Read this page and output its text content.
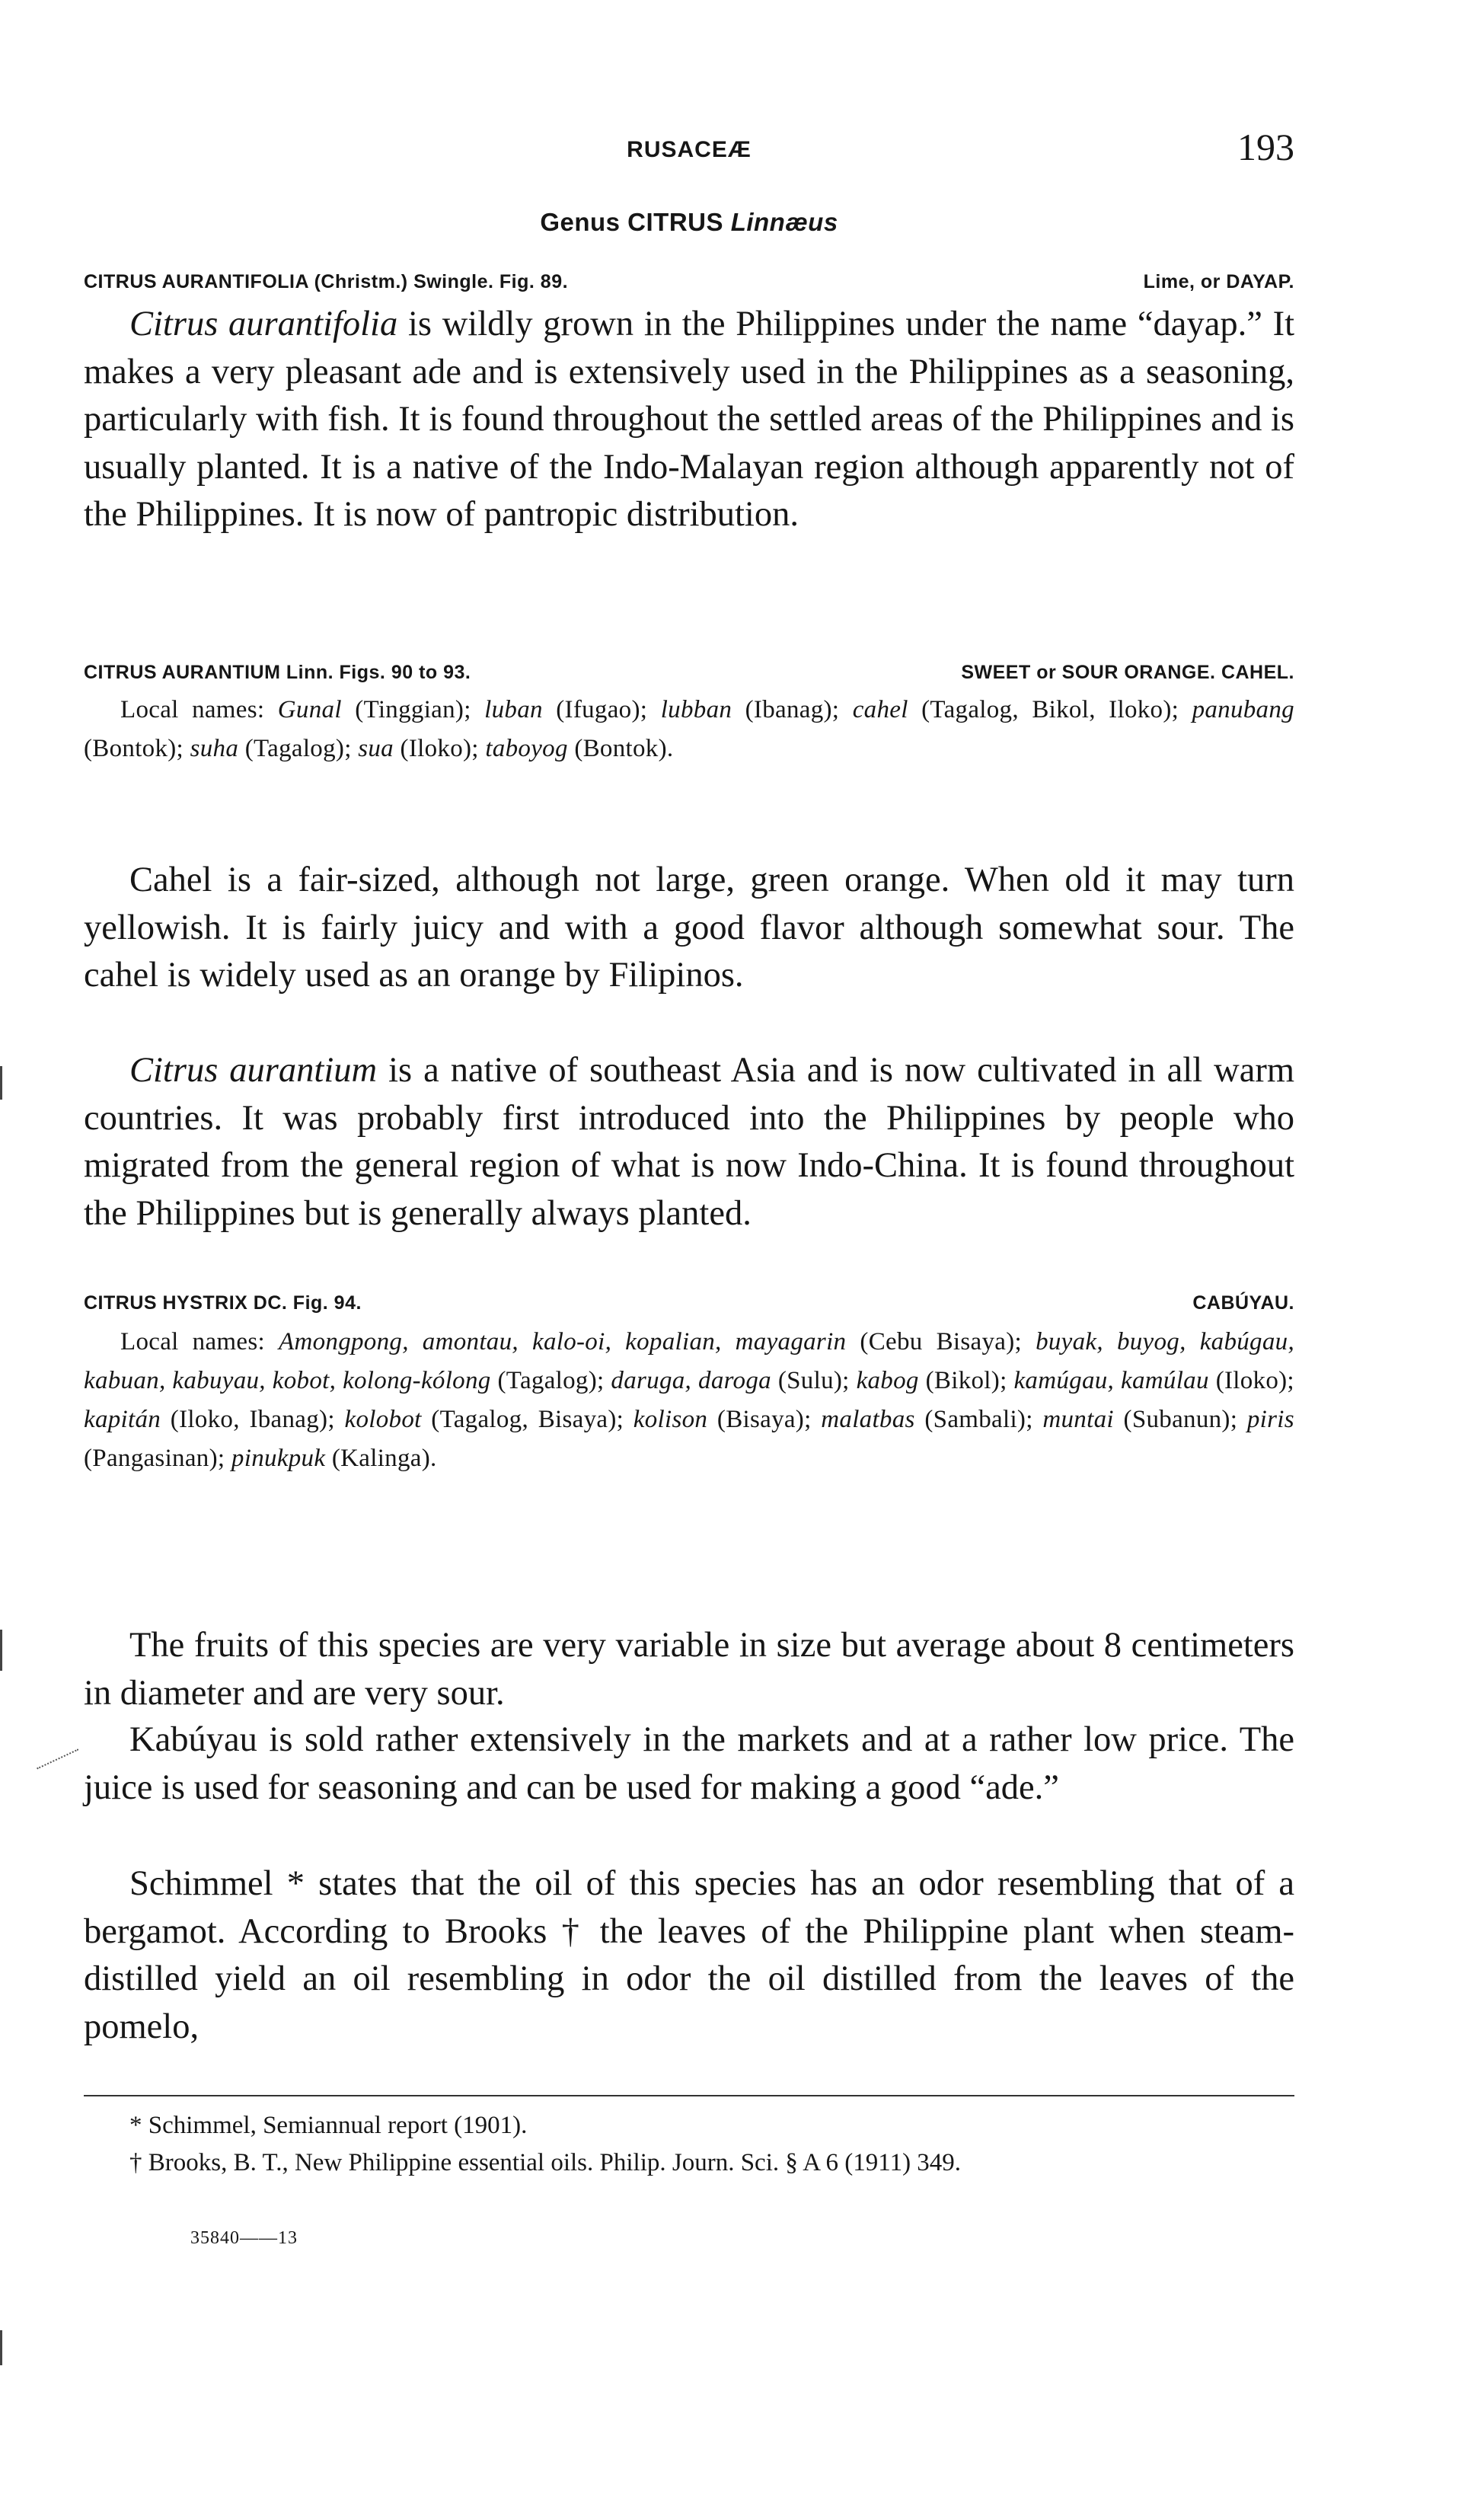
RUSACEÆ	193
Genus CITRUS Linnæus
CITRUS AURANTIFOLIA (Christm.) Swingle. Fig. 89.	Lime, or DAYAP.

Citrus aurantifolia is wildly grown in the Philippines under the name “dayap.” It makes a very pleasant ade and is extensively used in the Philippines as a seasoning, particularly with fish. It is found throughout the settled areas of the Philippines and is usually planted. It is a native of the Indo-Malayan region although apparently not of the Philippines. It is now of pantropic distribution.

CITRUS AURANTIUM Linn. Figs. 90 to 93.	SWEET or SOUR ORANGE. CAHEL.

Local names: Gunal (Tinggian); luban (Ifugao); lubban (Ibanag); cahel (Tagalog, Bikol, Iloko); panubang (Bontok); suha (Tagalog); sua (Iloko); taboyog (Bontok).

Cahel is a fair-sized, although not large, green orange. When old it may turn yellowish. It is fairly juicy and with a good flavor although somewhat sour. The cahel is widely used as an orange by Filipinos.

Citrus aurantium is a native of southeast Asia and is now cultivated in all warm countries. It was probably first introduced into the Philippines by people who migrated from the general region of what is now Indo-China. It is found throughout the Philippines but is generally always planted.

CITRUS HYSTRIX DC. Fig. 94.	CABÚYAU.

Local names: Amongpong, amontau, kalo-oi, kopalian, mayagarin (Cebu Bisaya); buyak, buyog, kabúgau, kabuan, kabuyau, kobot, kolong-kólong (Tagalog); daruga, daroga (Sulu); kabog (Bikol); kamúgau, kamúlau (Iloko); kapitán (Iloko, Ibanag); kolobot (Tagalog, Bisaya); kolison (Bisaya); malatbas (Sambali); muntai (Subanun); piris (Pangasinan); pinukpuk (Kalinga).

The fruits of this species are very variable in size but average about 8 centimeters in diameter and are very sour.

Kabúyau is sold rather extensively in the markets and at a rather low price. The juice is used for seasoning and can be used for making a good “ade.”

Schimmel * states that the oil of this species has an odor resembling that of a bergamot. According to Brooks † the leaves of the Philippine plant when steam-distilled yield an oil resembling in odor the oil distilled from the leaves of the pomelo,

* Schimmel, Semiannual report (1901).

† Brooks, B. T., New Philippine essential oils. Philip. Journ. Sci. § A 6 (1911) 349.

35840——13
